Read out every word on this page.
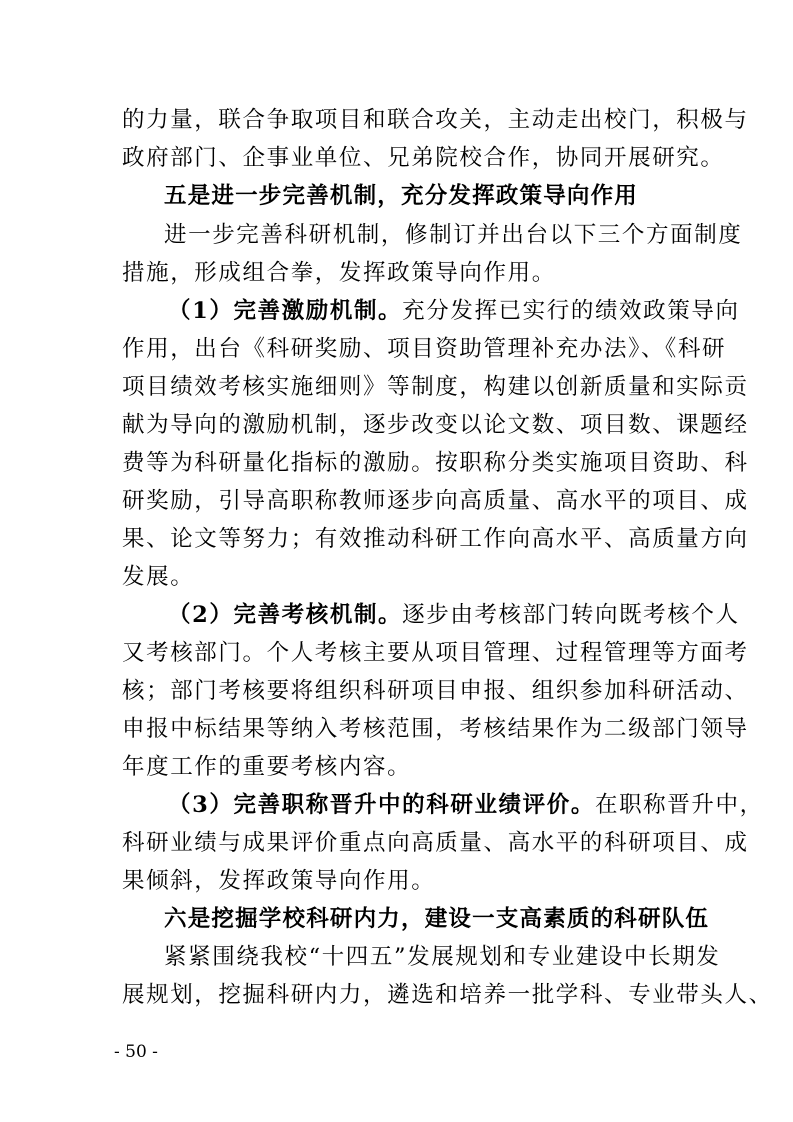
的力量，联合争取项目和联合攻关，主动走出校门，积极与
政府部门、企事业单位、兄弟院校合作，协同开展研究。
五是进一步完善机制，充分发挥政策导向作用
进一步完善科研机制，修制订并出台以下三个方面制度
措施，形成组合拳，发挥政策导向作用。
（1）完善激励机制。充分发挥已实行的绩效政策导向
作用，出台《科研奖励、项目资助管理补充办法》、《科研
项目绩效考核实施细则》等制度，构建以创新质量和实际贡
献为导向的激励机制，逐步改变以论文数、项目数、课题经
费等为科研量化指标的激励。按职称分类实施项目资助、科
研奖励，引导高职称教师逐步向高质量、高水平的项目、成
果、论文等努力；有效推动科研工作向高水平、高质量方向
发展。
（2）完善考核机制。逐步由考核部门转向既考核个人
又考核部门。个人考核主要从项目管理、过程管理等方面考
核；部门考核要将组织科研项目申报、组织参加科研活动、
申报中标结果等纳入考核范围，考核结果作为二级部门领导
年度工作的重要考核内容。
（3）完善职称晋升中的科研业绩评价。在职称晋升中，
科研业绩与成果评价重点向高质量、高水平的科研项目、成
果倾斜，发挥政策导向作用。
六是挖掘学校科研内力，建设一支高素质的科研队伍
紧紧围绕我校“十四五”发展规划和专业建设中长期发
展规划，挖掘科研内力，遴选和培养一批学科、专业带头人、
- 50 -
